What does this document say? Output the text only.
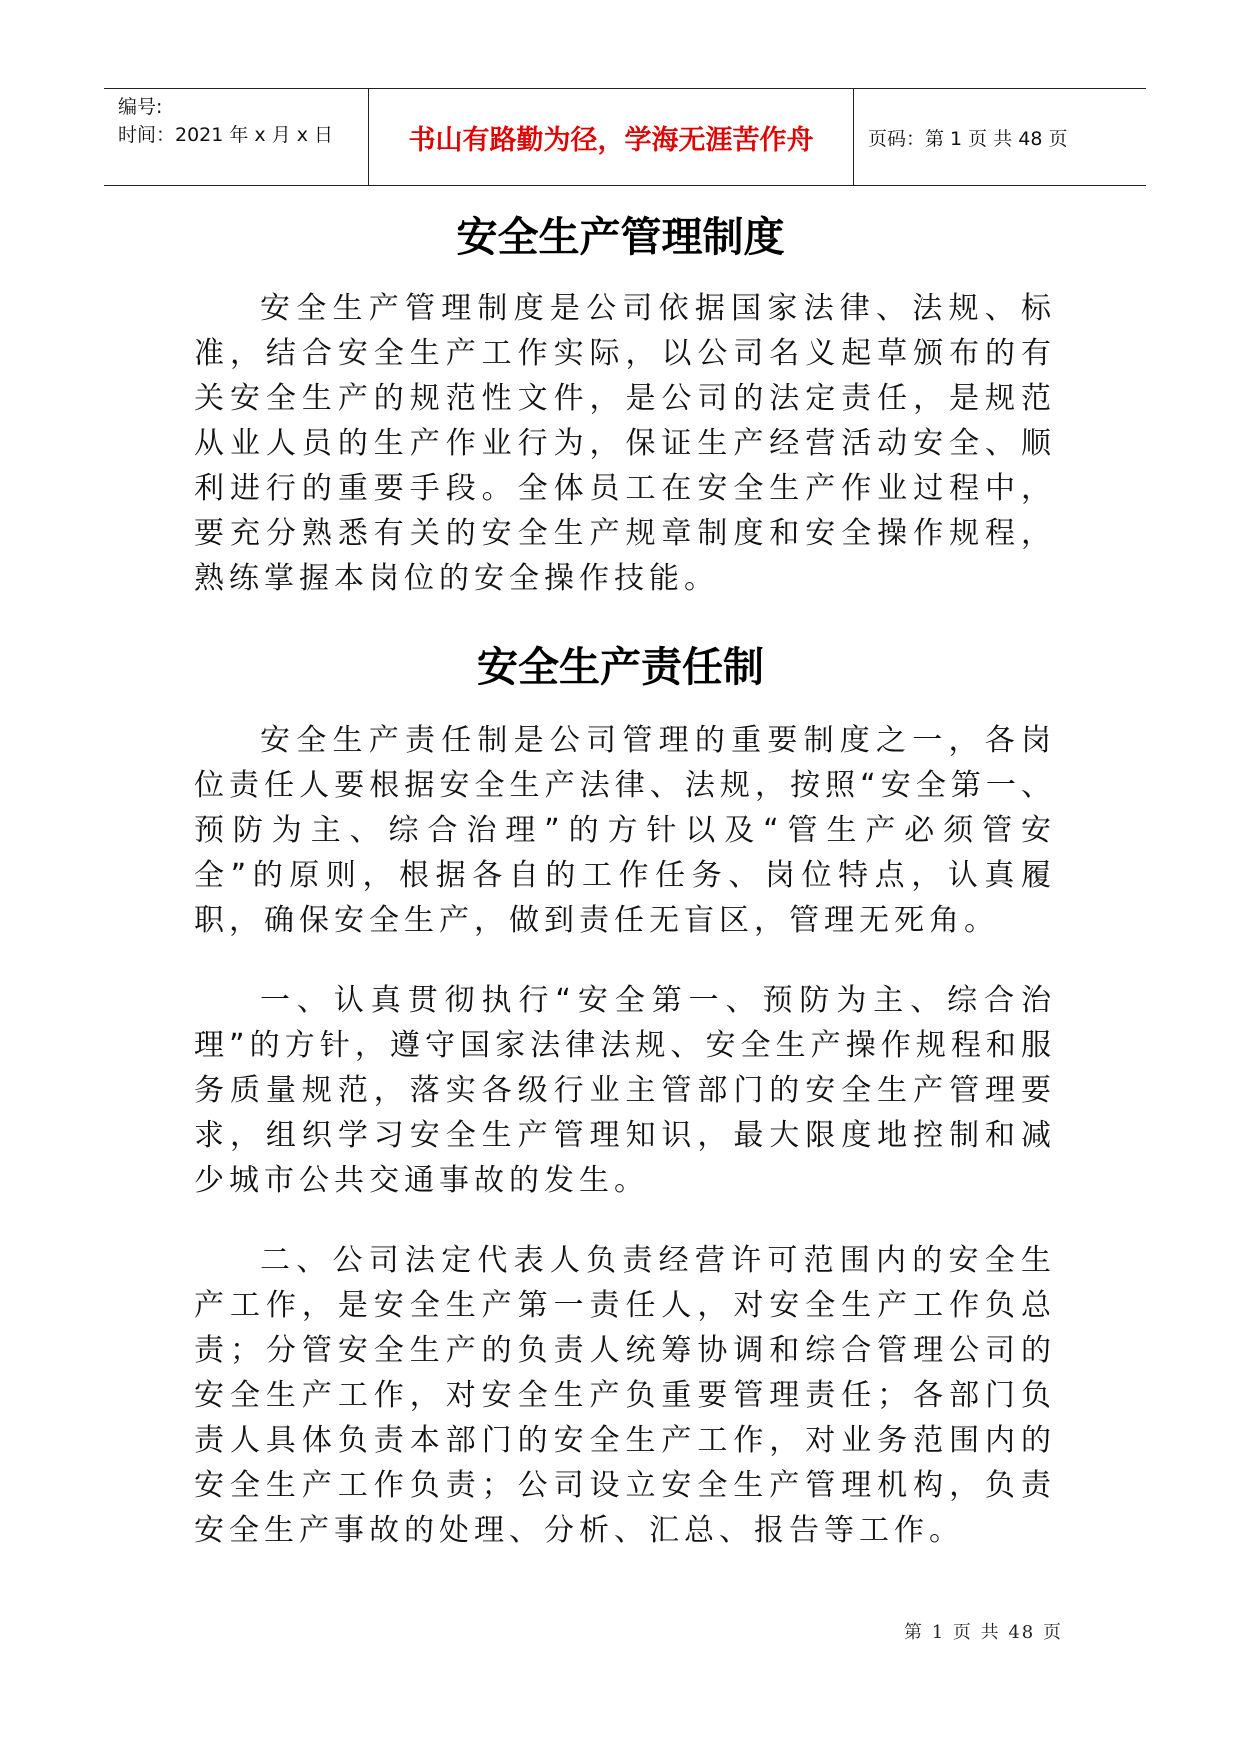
编号:
时间：2021 年 x 月 x 日	书山有路勤为径，学海无涯苦作舟	页码：第 1 页 共 48 页
安全生产管理制度

安全生产管理制度是公司依据国家法律、法规、标准，结合安全生产工作实际，以公司名义起草颁布的有关安全生产的规范性文件，是公司的法定责任，是规范从业人员的生产作业行为，保证生产经营活动安全、顺利进行的重要手段。全体员工在安全生产作业过程中，要充分熟悉有关的安全生产规章制度和安全操作规程，熟练掌握本岗位的安全操作技能。

安全生产责任制

安全生产责任制是公司管理的重要制度之一，各岗位责任人要根据安全生产法律、法规，按照“安全第一、预防为主、综合治理”的方针以及“管生产必须管安全”的原则，根据各自的工作任务、岗位特点，认真履职，确保安全生产，做到责任无盲区，管理无死角。

一、认真贯彻执行“安全第一、预防为主、综合治理”的方针，遵守国家法律法规、安全生产操作规程和服务质量规范，落实各级行业主管部门的安全生产管理要求，组织学习安全生产管理知识，最大限度地控制和减少城市公共交通事故的发生。

二、公司法定代表人负责经营许可范围内的安全生产工作，是安全生产第一责任人，对安全生产工作负总责；分管安全生产的负责人统筹协调和综合管理公司的安全生产工作，对安全生产负重要管理责任；各部门负责人具体负责本部门的安全生产工作，对业务范围内的安全生产工作负责；公司设立安全生产管理机构，负责安全生产事故的处理、分析、汇总、报告等工作。

第 1 页 共 48 页
